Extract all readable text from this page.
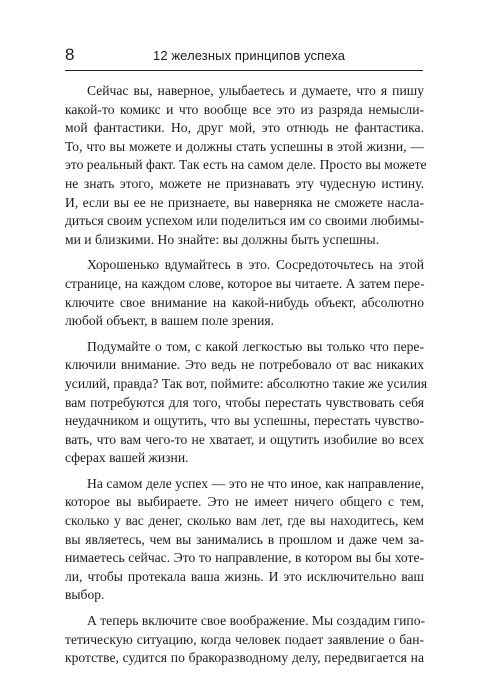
8	12 железных принципов успеха
Сейчас вы, наверное, улыбаетесь и думаете, что я пишу
какой-то комикс и что вообще все это из разряда немысли-
мой фантастики. Но, друг мой, это отнюдь не фантастика.
То, что вы можете и должны стать успешны в этой жизни, —
это реальный факт. Так есть на самом деле. Просто вы можете
не знать этого, можете не признавать эту чудесную истину.
И, если вы ее не признаете, вы наверняка не сможете насла-
диться своим успехом или поделиться им со своими любимы-
ми и близкими. Но знайте: вы должны быть успешны.
Хорошенько вдумайтесь в это. Сосредоточьтесь на этой
странице, на каждом слове, которое вы читаете. А затем пере-
ключите свое внимание на какой-нибудь объект, абсолютно
любой объект, в вашем поле зрения.
Подумайте о том, с какой легкостью вы только что пере-
ключили внимание. Это ведь не потребовало от вас никаких
усилий, правда? Так вот, поймите: абсолютно такие же усилия
вам потребуются для того, чтобы перестать чувствовать себя
неудачником и ощутить, что вы успешны, перестать чувство-
вать, что вам чего-то не хватает, и ощутить изобилие во всех
сферах вашей жизни.
На самом деле успех — это не что иное, как направление,
которое вы выбираете. Это не имеет ничего общего с тем,
сколько у вас денег, сколько вам лет, где вы находитесь, кем
вы являетесь, чем вы занимались в прошлом и даже чем за-
нимаетесь сейчас. Это то направление, в котором вы бы хоте-
ли, чтобы протекала ваша жизнь. И это исключительно ваш
выбор.
А теперь включите свое воображение. Мы создадим гипо-
тетическую ситуацию, когда человек подает заявление о бан-
кротстве, судится по бракоразводному делу, передвигается на
